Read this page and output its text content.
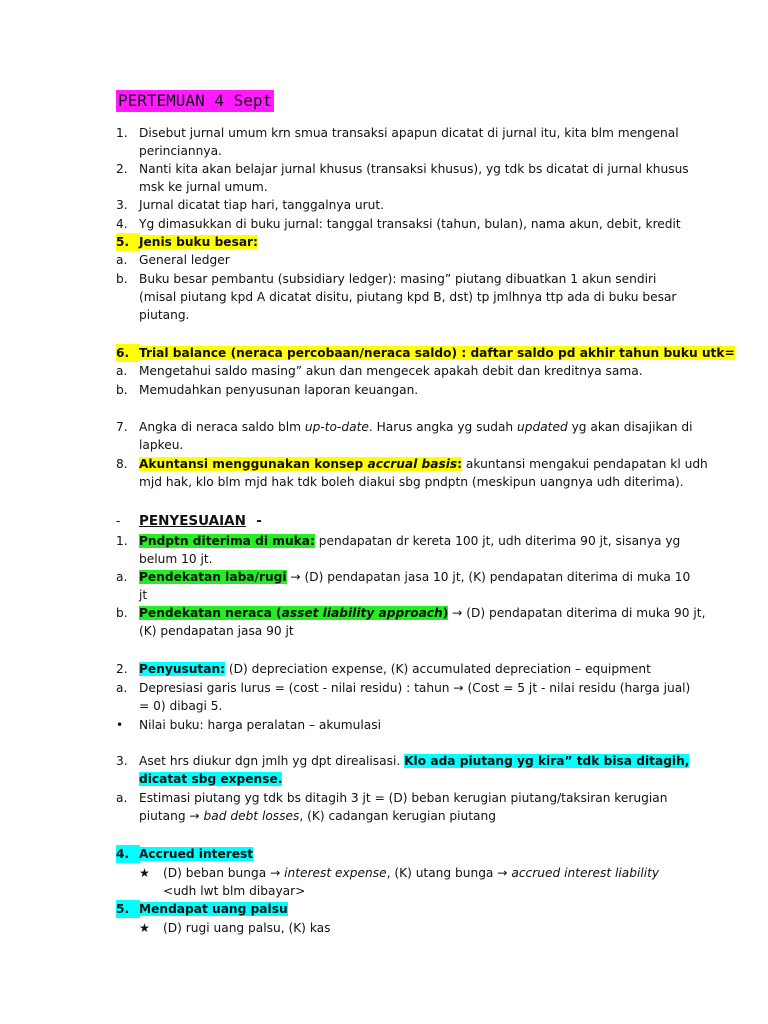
PERTEMUAN 4 Sept
1. Disebut jurnal umum krn smua transaksi apapun dicatat di jurnal itu, kita blm mengenal
perinciannya.
2. Nanti kita akan belajar jurnal khusus (transaksi khusus), yg tdk bs dicatat di jurnal khusus
msk ke jurnal umum.
3. Jurnal dicatat tiap hari, tanggalnya urut.
4. Yg dimasukkan di buku jurnal: tanggal transaksi (tahun, bulan), nama akun, debit, kredit
5. Jenis buku besar:
a. General ledger
b. Buku besar pembantu (subsidiary ledger): masing” piutang dibuatkan 1 akun sendiri
(misal piutang kpd A dicatat disitu, piutang kpd B, dst) tp jmlhnya ttp ada di buku besar
piutang.
6. Trial balance (neraca percobaan/neraca saldo) : daftar saldo pd akhir tahun buku utk=
a. Mengetahui saldo masing” akun dan mengecek apakah debit dan kreditnya sama.
b. Memudahkan penyusunan laporan keuangan.
7. Angka di neraca saldo blm up-to-date. Harus angka yg sudah updated yg akan disajikan di
lapkeu.
8. Akuntansi menggunakan konsep accrual basis: akuntansi mengakui pendapatan kl udh
mjd hak, klo blm mjd hak tdk boleh diakui sbg pndptn (meskipun uangnya udh diterima).
-	PENYESUAIAN -
1. Pndptn diterima di muka: pendapatan dr kereta 100 jt, udh diterima 90 jt, sisanya yg
belum 10 jt.
a. Pendekatan laba/rugi → (D) pendapatan jasa 10 jt, (K) pendapatan diterima di muka 10
jt
b. Pendekatan neraca (asset liability approach) → (D) pendapatan diterima di muka 90 jt,
(K) pendapatan jasa 90 jt
2. Penyusutan: (D) depreciation expense, (K) accumulated depreciation – equipment
a. Depresiasi garis lurus = (cost - nilai residu) : tahun → (Cost = 5 jt - nilai residu (harga jual)
= 0) dibagi 5.
•	Nilai buku: harga peralatan – akumulasi
3. Aset hrs diukur dgn jmlh yg dpt direalisasi. Klo ada piutang yg kira” tdk bisa ditagih,
dicatat sbg expense.
a. Estimasi piutang yg tdk bs ditagih 3 jt = (D) beban kerugian piutang/taksiran kerugian
piutang → bad debt losses, (K) cadangan kerugian piutang
4. Accrued interest
★ (D) beban bunga → interest expense, (K) utang bunga → accrued interest liability
<udh lwt blm dibayar>
5. Mendapat uang palsu
★ (D) rugi uang palsu, (K) kas
